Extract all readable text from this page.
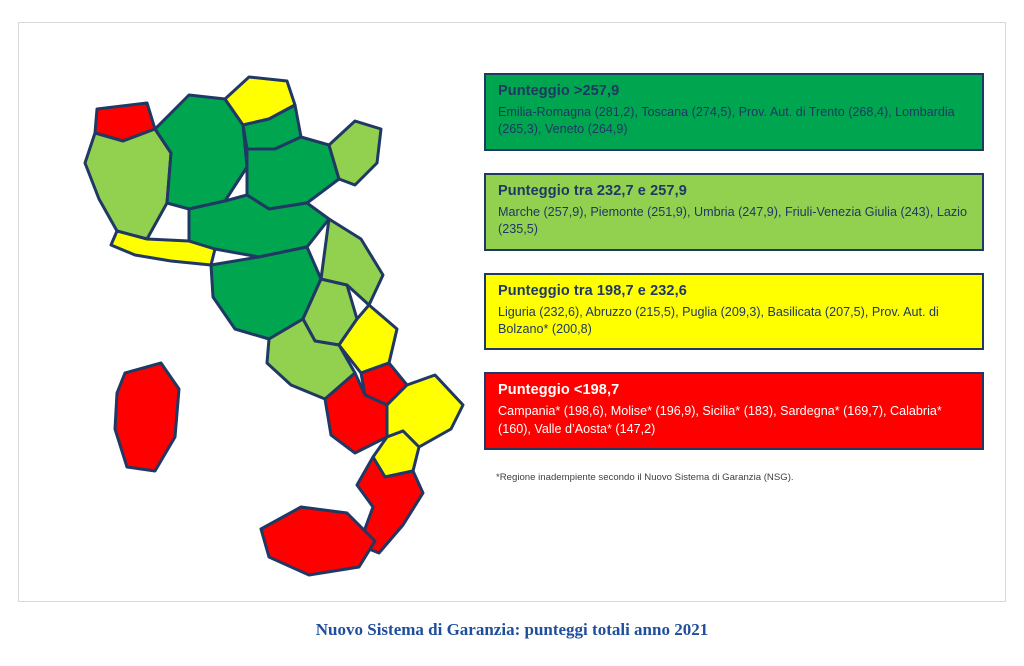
Punteggio >257,9
Emilia-Romagna (281,2), Toscana (274,5), Prov. Aut. di Trento (268,4), Lombardia (265,3), Veneto (264,9)
Punteggio tra 232,7 e 257,9
Marche (257,9), Piemonte (251,9), Umbria (247,9), Friuli-Venezia Giulia (243), Lazio (235,5)
Punteggio tra 198,7 e 232,6
Liguria (232,6), Abruzzo (215,5), Puglia (209,3), Basilicata (207,5), Prov. Aut. di Bolzano* (200,8)
Punteggio <198,7
Campania* (198,6), Molise* (196,9), Sicilia* (183), Sardegna* (169,7), Calabria* (160), Valle d’Aosta* (147,2)
*Regione inadempiente secondo il Nuovo Sistema di Garanzia (NSG).
Nuovo Sistema di Garanzia: punteggi totali anno 2021
